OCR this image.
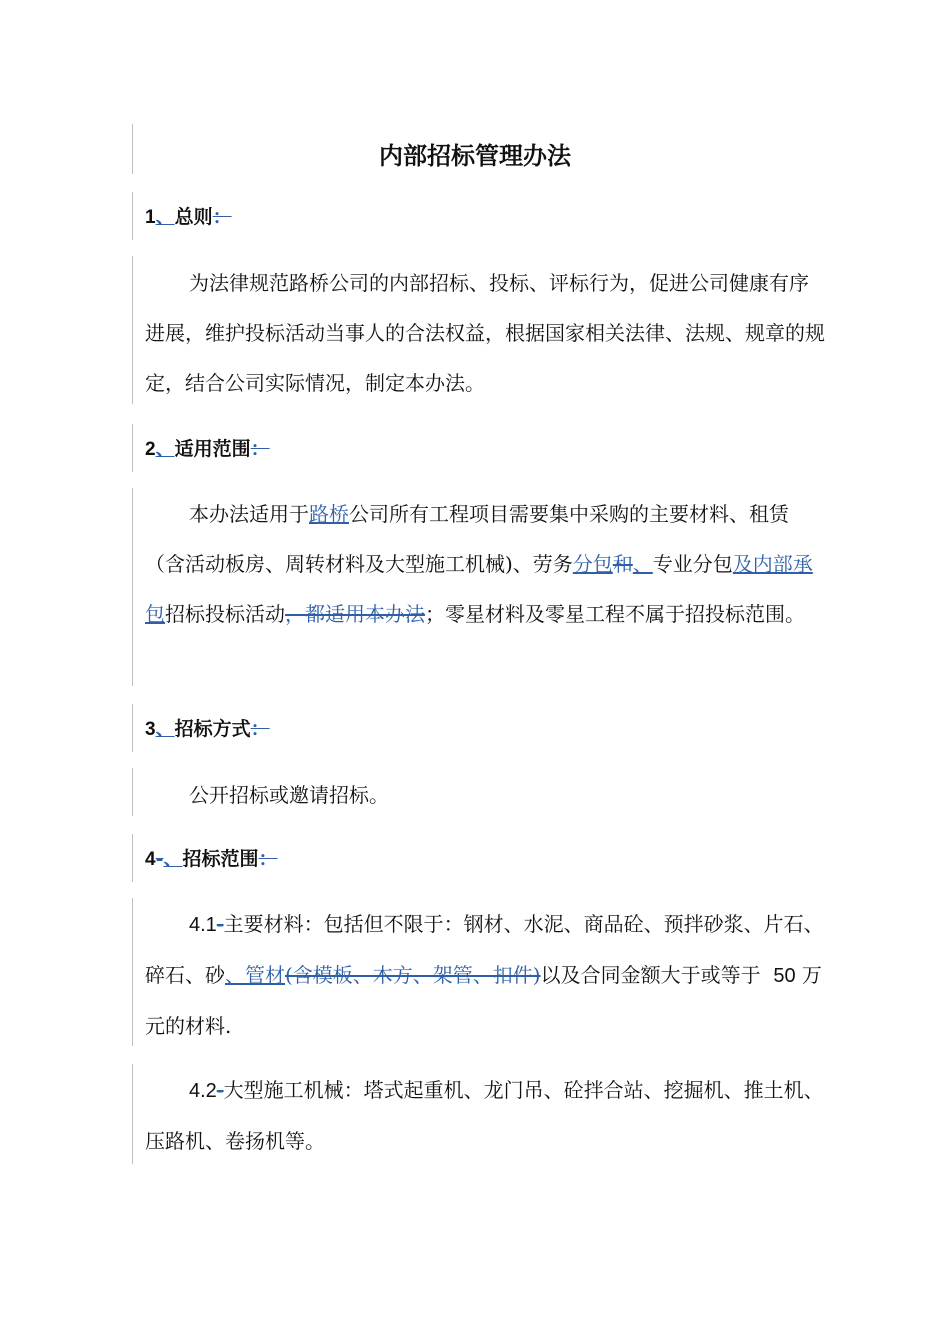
内部招标管理办法
1、总则：
为法律规范路桥公司的内部招标、投标、评标行为，促进公司健康有序进展，维护投标活动当事人的合法权益，根据国家相关法律、法规、规章的规定，结合公司实际情况，制定本办法。
2、适用范围：
本办法适用于路桥公司所有工程项目需要集中采购的主要材料、租赁（含活动板房、周转材料及大型施工机械)、劳务分包和、专业分包及内部承包招标投标活动，都适用本办法；零星材料及零星工程不属于招投标范围。
3、招标方式：
公开招标或邀请招标。
4-、招标范围：
4.1-主要材料：包括但不限于：钢材、水泥、商品砼、预拌砂浆、片石、碎石、砂、管材(含模板、木方、架管、扣件)以及合同金额大于或等于  50 万元的材料.
4.2-大型施工机械：塔式起重机、龙门吊、砼拌合站、挖掘机、推土机、压路机、卷扬机等。
